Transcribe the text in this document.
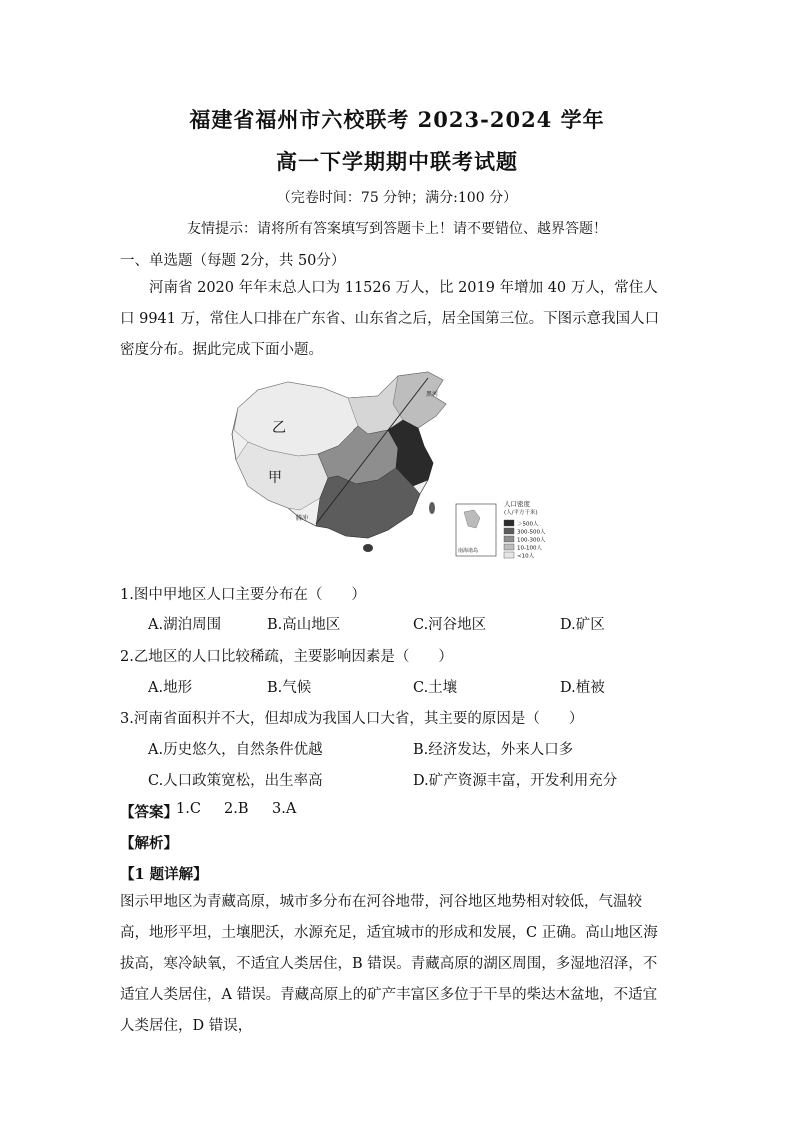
福建省福州市六校联考 2023-2024 学年
高一下学期期中联考试题
（完卷时间：75 分钟；满分:100 分）
友情提示：请将所有答案填写到答题卡上！请不要错位、越界答题！
一、单选题（每题 2分，共 50分）
河南省 2020 年年末总人口为 11526 万人，比 2019 年增加 40 万人，常住人口 9941 万，常住人口排在广东省、山东省之后，居全国第三位。下图示意我国人口密度分布。据此完成下面小题。
乙
甲
黑河
腾冲
南海诸岛
人口密度
(人/平方千米)
＞500人
300-500人
100-300人
10-100人
<10人
1.图中甲地区人口主要分布在（　　）
A.湖泊周围	B.高山地区	C.河谷地区	D.矿区
2.乙地区的人口比较稀疏，主要影响因素是（　　）
A.地形	B.气候	C.土壤	D.植被
3.河南省面积并不大，但却成为我国人口大省，其主要的原因是（　　）
A.历史悠久，自然条件优越	B.经济发达，外来人口多
C.人口政策宽松，出生率高	D.矿产资源丰富，开发利用充分
【答案】
1.C 2.B 3.A
【解析】
【1 题详解】
图示甲地区为青藏高原，城市多分布在河谷地带，河谷地区地势相对较低，气温较高，地形平坦，土壤肥沃，水源充足，适宜城市的形成和发展，C 正确。高山地区海拔高，寒冷缺氧，不适宜人类居住，B 错误。青藏高原的湖区周围，多湿地沼泽，不适宜人类居住，A 错误。青藏高原上的矿产丰富区多位于干旱的柴达木盆地，不适宜人类居住，D 错误，
